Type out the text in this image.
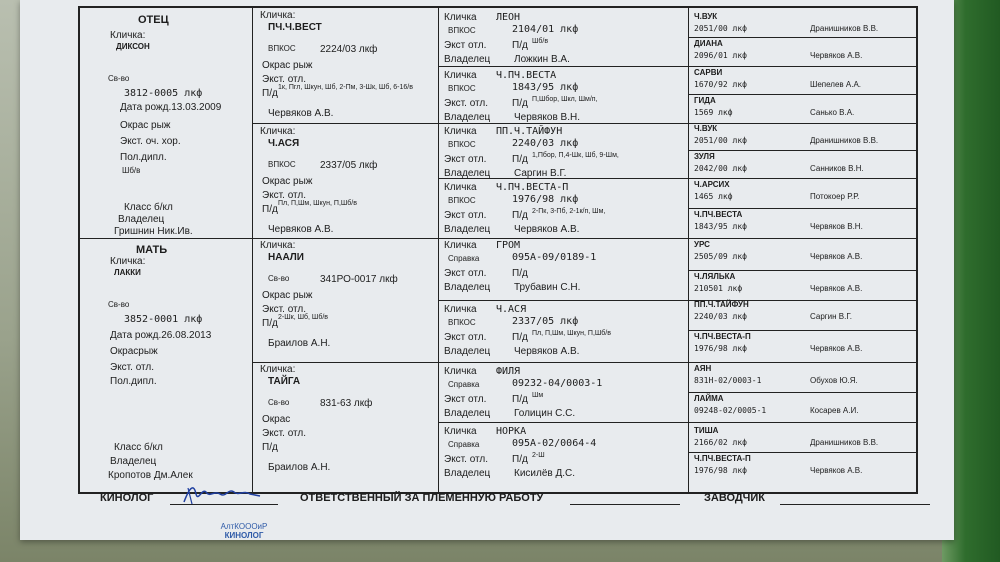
ОТЕЦ
Кличка:
ДИКСОН
Св-во
3812-0005 лкф
Дата рожд.13.03.2009
Окрас рыж
Экст. оч. хор.
Пол.дипл.
Шб/в
Класс б/кл
Владелец
Гришнин Ник.Ив.
МАТЬ
Кличка:
ЛАККИ
Св-во
3852-0001 лкф
Дата рожд.26.08.2013
Окрасрыж
Экст. отл.
Пол.дипл.
Класс б/кл
Владелец
Кропотов Дм.Алек
Кличка:
ПЧ.Ч.ВЕСТ
ВПКОС 2224/03 лкф
Окрас рыж
Экст. отл.
П/д
1к, Пгл, Шкун, Шб, 2-Пм, 3-Шк, Шб, 6-16/в
Червяков А.В.
Кличка:
Ч.АСЯ
ВПКОС 2337/05 лкф
Окрас рыж
Экст. отл.
П/д
Пл, П,Шм, Шкун, П,Шб/в
Червяков А.В.
Кличка:
НААЛИ
Св-во	341РО-0017 лкф
Окрас рыж
Экст. отл.
П/д
2-Шк, Шб, Шб/в
Браилов А.Н.
Кличка:
ТАЙГА
Св-во	831-63 лкф
Окрас
Экст. отл.
П/д
Браилов А.Н.
Кличка ЛЕОН
ВПКОС	2104/01 лкф
Экст отл.	П/д Шб/в
Владелец Ложкин В.А.
Кличка Ч.ПЧ.ВЕСТА
ВПКОС	1843/95 лкф
Экст. отл. П/д П,Шбор, Шкл, Шм/п,
Владелец Червяков В.Н.
Кличка ПП.Ч.ТАЙФУН
ВПКОС	2240/03 лкф
Экст отл.	П/д 1,Пбор, П,4-Шк, Шб, 9-Шм,
Владелец Саргин В.Г.
Кличка Ч.ПЧ.ВЕСТА-П
ВПКОС	1976/98 лкф
Экст отл.	П/д 2-Пк, 3-Пб, 2-1к/п, Шм,
Владелец Червяков А.В.
Кличка ГРОМ
Справка	095А-09/0189-1
Экст отл.	П/д
Владелец Трубавин С.Н.
Кличка Ч.АСЯ
ВПКОС	2337/05 лкф
Экст отл.	П/д Пл, П,Шм, Шкун, П,Шб/в
Владелец Червяков А.В.
Кличка ФИЛЯ
Справка	09232-04/0003-1
Экст отл.	П/д Шм
Владелец Голицин С.С.
Кличка НОРКА
Справка	095А-02/0064-4
Экст. отл. П/д 2-Ш
Владелец Кисилёв Д.С.
Ч.ВУК
2051/00 лкф	Дранишников В.В.
ДИАНА
2096/01 лкф	Червяков А.В.
САРВИ
1670/92 лкф	Шепелев А.А.
ГИДА
1569 лкф	Санько В.А.
Ч.ВУК
2051/00 лкф	Дранишников В.В.
ЗУЛЯ
2042/00 лкф	Санников В.Н.
Ч.АРСИХ
1465 лкф	Потокоер Р.Р.
Ч.ПЧ.ВЕСТА
1843/95 лкф	Червяков В.Н.
УРС
2505/09 лкф	Червяков А.В.
Ч.ЛЯЛЬКА
210501 лкф	Червяков А.В.
ПП.Ч.ТАЙФУН
2240/03 лкф	Саргин В.Г.
Ч.ПЧ.ВЕСТА-П
1976/98 лкф	Червяков А.В.
АЯН
831Н-02/0003-1	Обухов Ю.Я.
ЛАЙМА
09248-02/0005-1	Косарев А.И.
ТИША
2166/02 лкф	Дранишников В.В.
Ч.ПЧ.ВЕСТА-П
1976/98 лкф	Червяков А.В.
КИНОЛОГ	ОТВЕТСТВЕННЫЙ ЗА ПЛЕМЕННУЮ РАБОТУ	ЗАВОДЧИК
АлтКОООиР
КИНОЛОГ
